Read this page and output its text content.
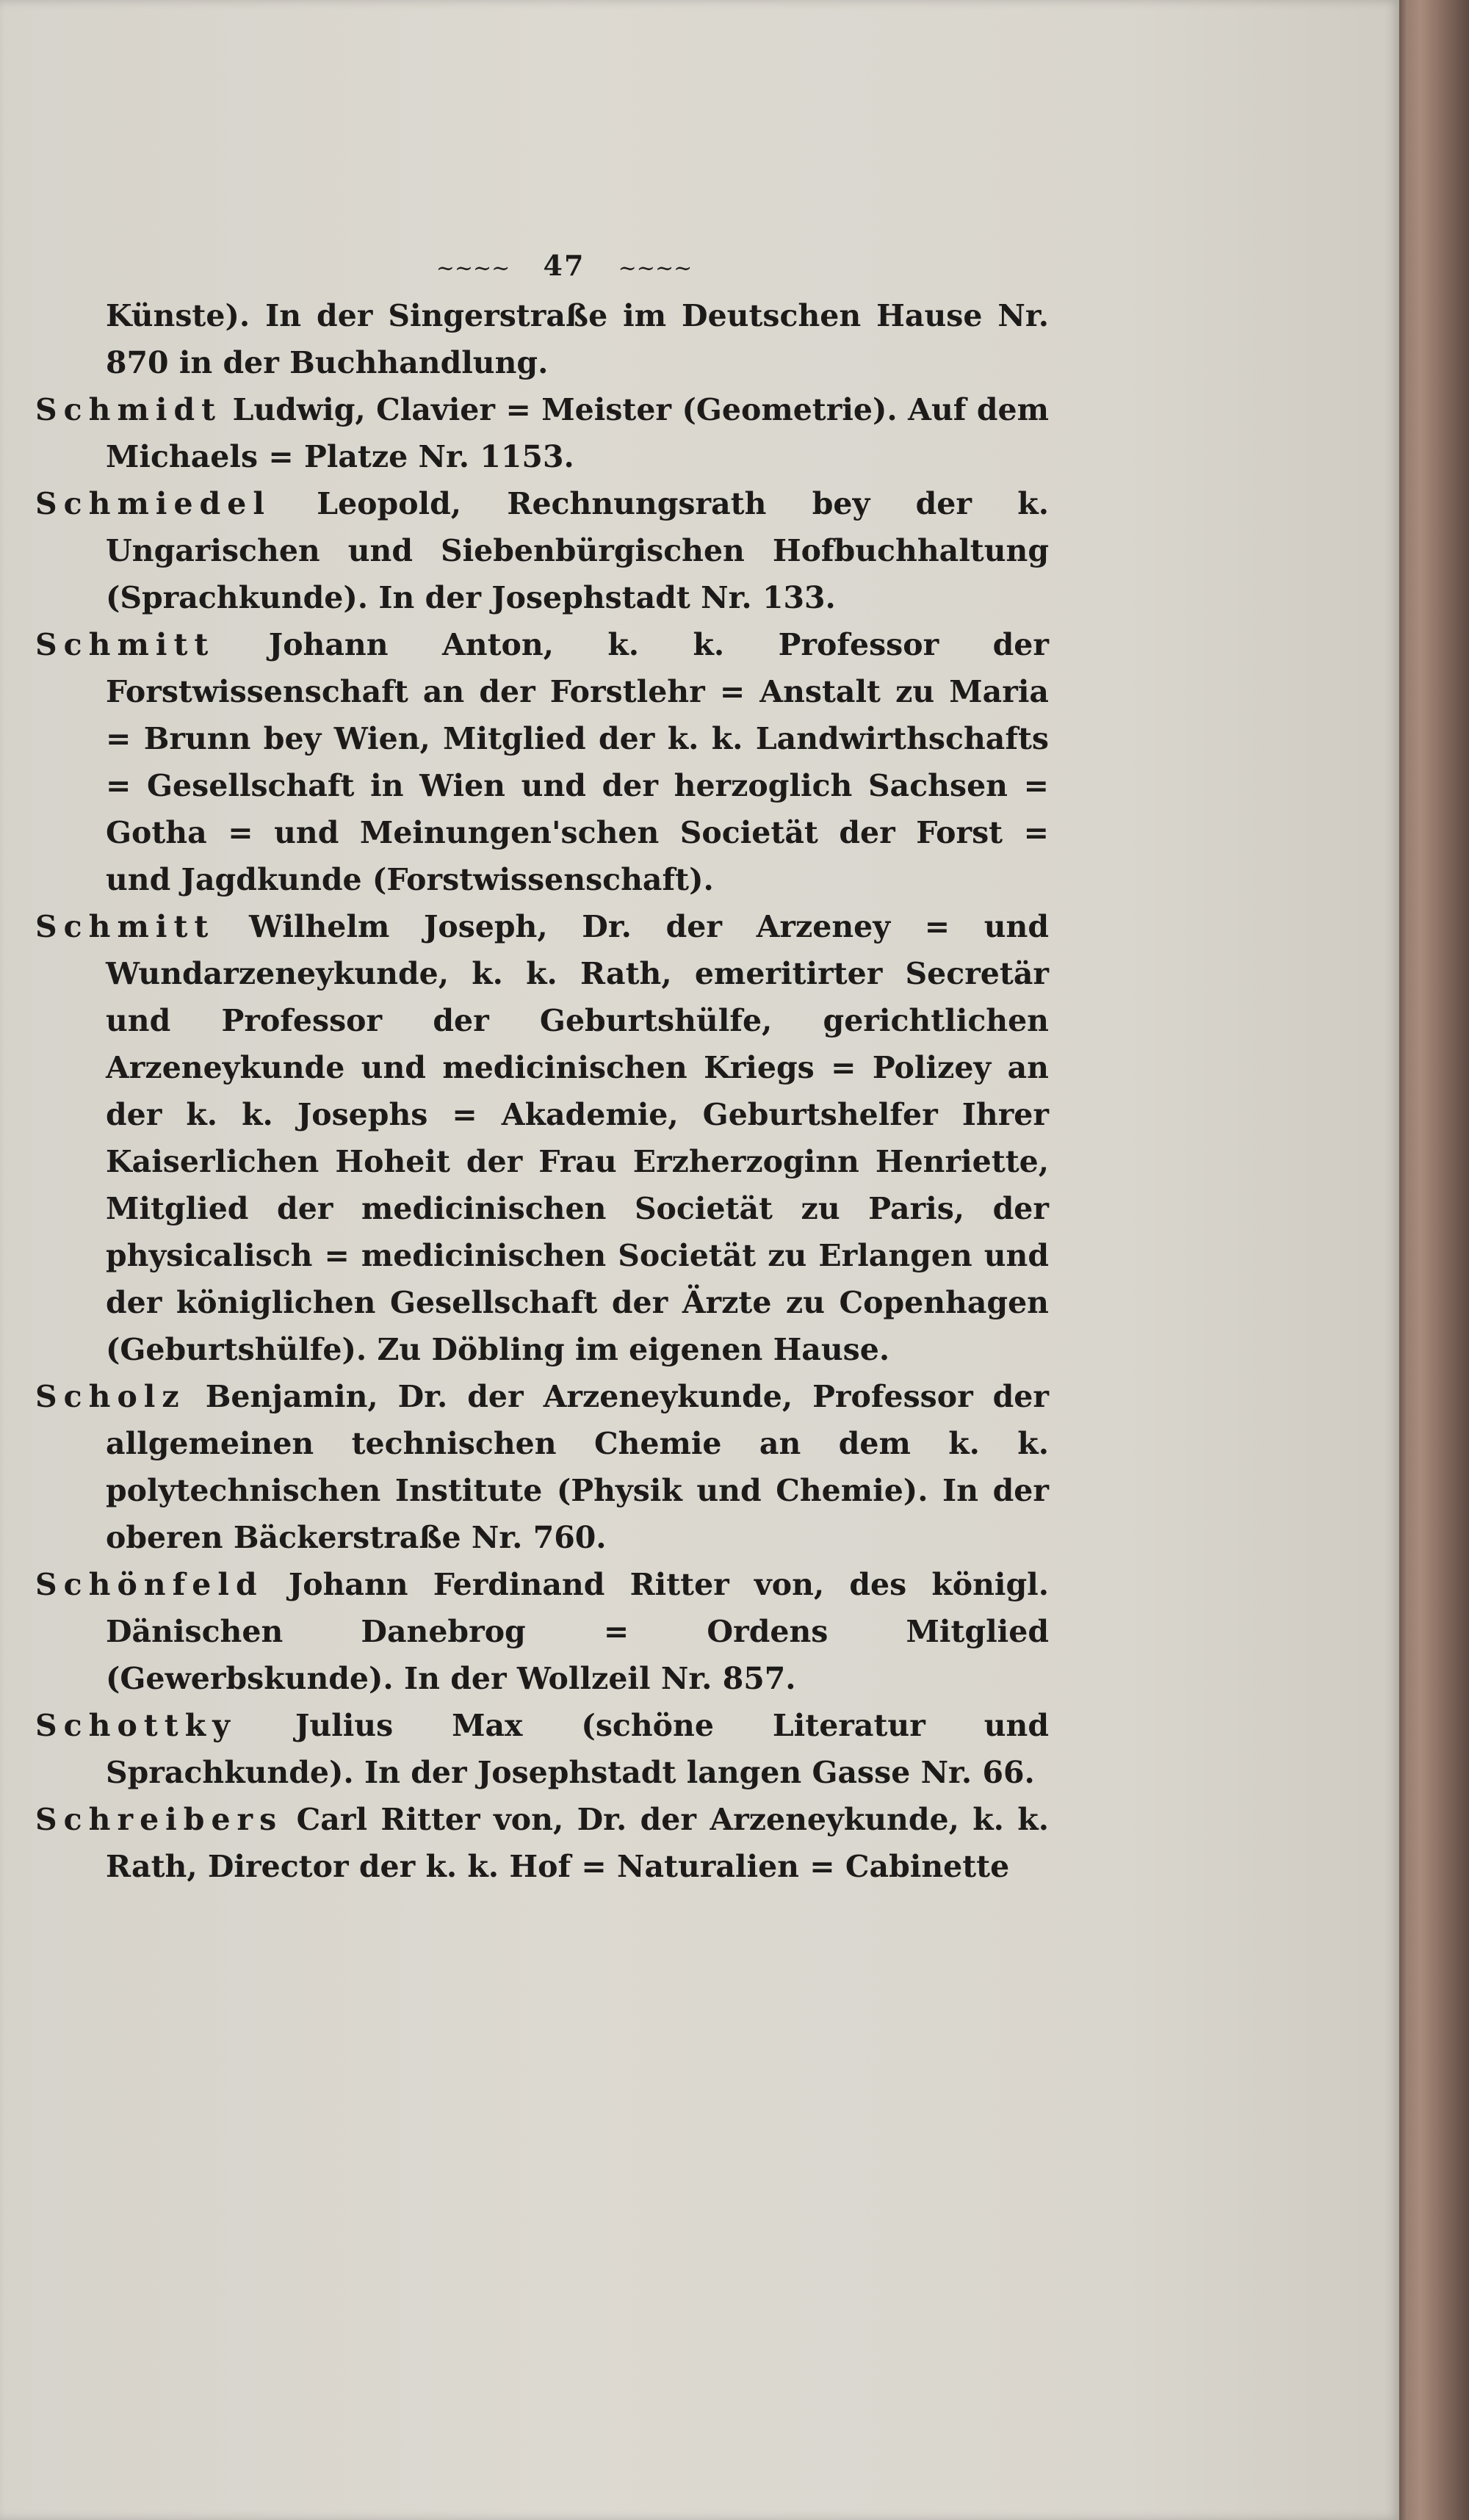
~~~~ 47 ~~~~

Künste). In der Singerstraße im Deutschen Hause Nr. 870 in der Buchhandlung.

Schmidt Ludwig, Clavier = Meister (Geometrie). Auf dem Michaels = Platze Nr. 1153.

Schmiedel Leopold, Rechnungsrath bey der k. Ungarischen und Siebenbürgischen Hofbuchhaltung (Sprachkunde). In der Josephstadt Nr. 133.

Schmitt Johann Anton, k. k. Professor der Forstwissenschaft an der Forstlehr = Anstalt zu Maria = Brunn bey Wien, Mitglied der k. k. Landwirthschafts = Gesellschaft in Wien und der herzoglich Sachsen = Gotha = und Meinungen'schen Societät der Forst = und Jagdkunde (Forstwissenschaft).

Schmitt Wilhelm Joseph, Dr. der Arzeney = und Wundarzeneykunde, k. k. Rath, emeritirter Secretär und Professor der Geburtshülfe, gerichtlichen Arzeneykunde und medicinischen Kriegs = Polizey an der k. k. Josephs = Akademie, Geburtshelfer Ihrer Kaiserlichen Hoheit der Frau Erzherzoginn Henriette, Mitglied der medicinischen Societät zu Paris, der physicalisch = medicinischen Societät zu Erlangen und der königlichen Gesellschaft der Ärzte zu Copenhagen (Geburtshülfe). Zu Döbling im eigenen Hause.

Scholz Benjamin, Dr. der Arzeneykunde, Professor der allgemeinen technischen Chemie an dem k. k. polytechnischen Institute (Physik und Chemie). In der oberen Bäckerstraße Nr. 760.

Schönfeld Johann Ferdinand Ritter von, des königl. Dänischen Danebrog = Ordens Mitglied (Gewerbskunde). In der Wollzeil Nr. 857.

Schottky Julius Max (schöne Literatur und Sprachkunde). In der Josephstadt langen Gasse Nr. 66.

Schreibers Carl Ritter von, Dr. der Arzeneykunde, k. k. Rath, Director der k. k. Hof = Naturalien = Cabinette
